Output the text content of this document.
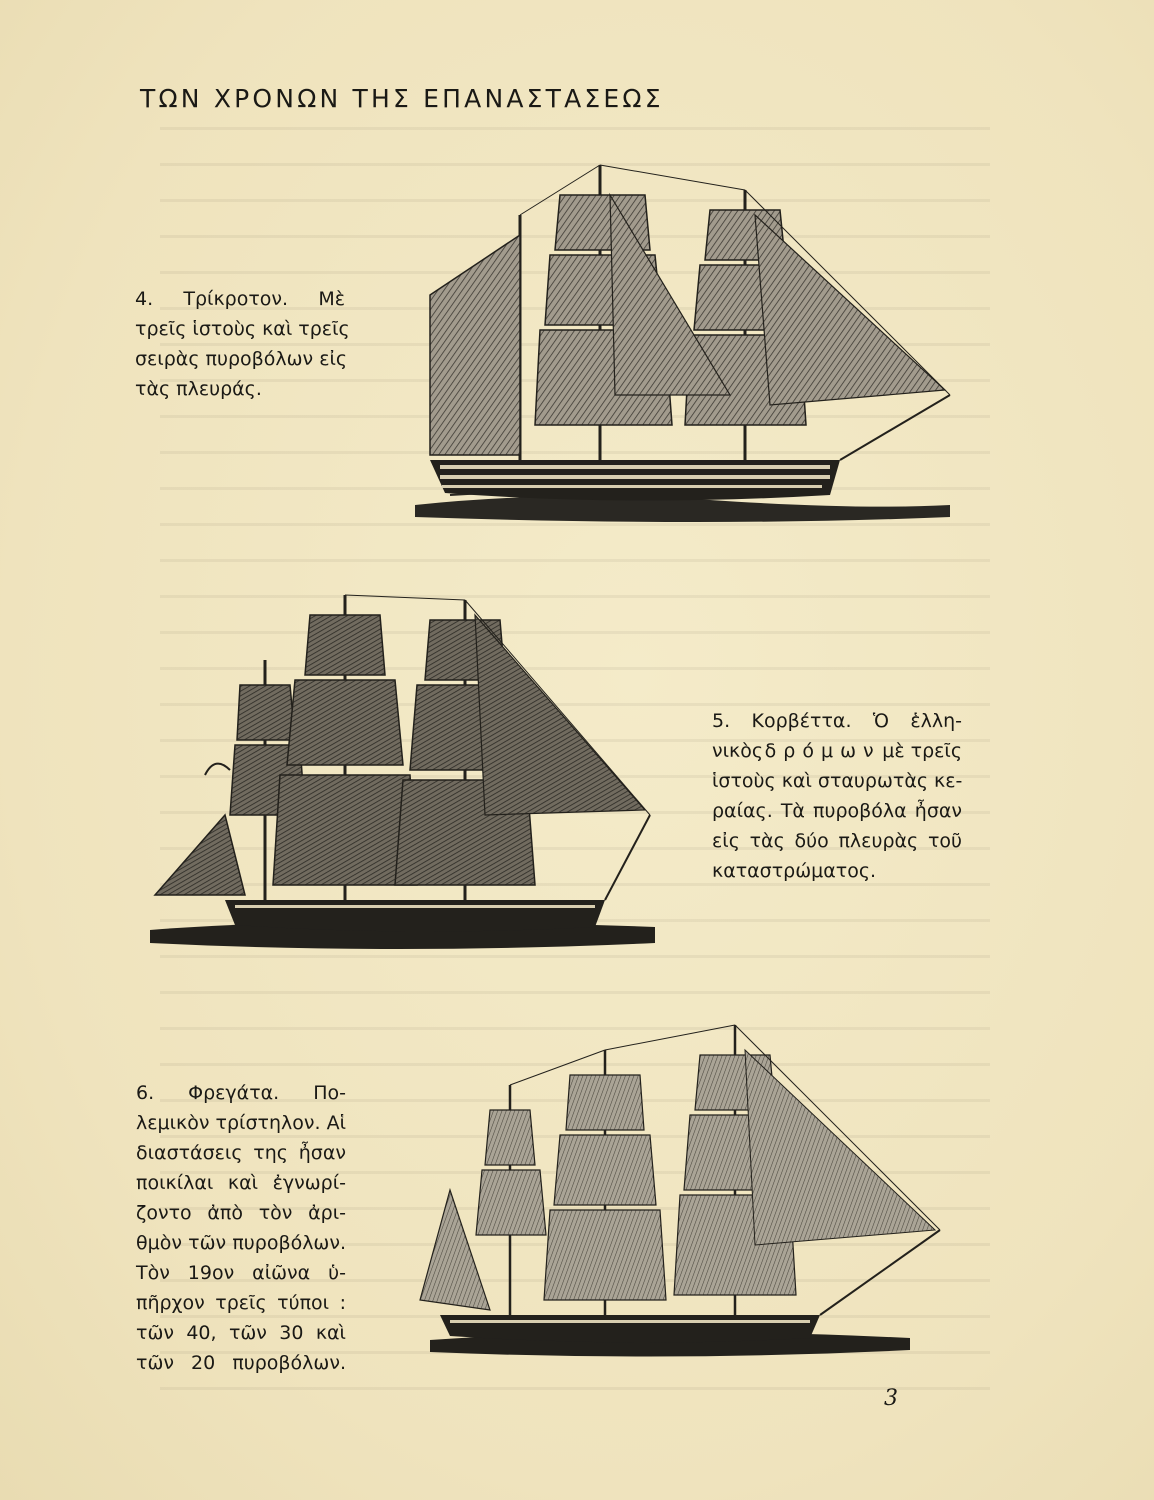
ΤΩΝ ΧΡΟΝΩΝ ΤΗΣ ΕΠΑΝΑΣΤΑΣΕΩΣ
4. Τρίκροτον. Μὲ
τρεῖς ἱστοὺς καὶ τρεῖς
σειρὰς πυροβόλων εἰς
τὰς πλευράς.
5. Κορβέττα. Ὁ ἑλλη-
νικὸς δρόμων μὲ τρεῖς
ἱστοὺς καὶ σταυρωτὰς κε-
ραίας. Τὰ πυροβόλα ἦσαν
εἰς τὰς δύο πλευρὰς τοῦ
καταστρώματος.
6. Φρεγάτα. Πο-
λεμικὸν τρίστηλον. Αἱ
διαστάσεις της ἦσαν
ποικίλαι καὶ ἐγνωρί-
ζοντο ἀπὸ τὸν ἀρι-
θμὸν τῶν πυροβόλων.
Τὸν 19ον αἰῶνα ὑ-
πῆρχον τρεῖς τύποι :
τῶν 40, τῶν 30 καὶ
τῶν 20 πυροβόλων.
3
